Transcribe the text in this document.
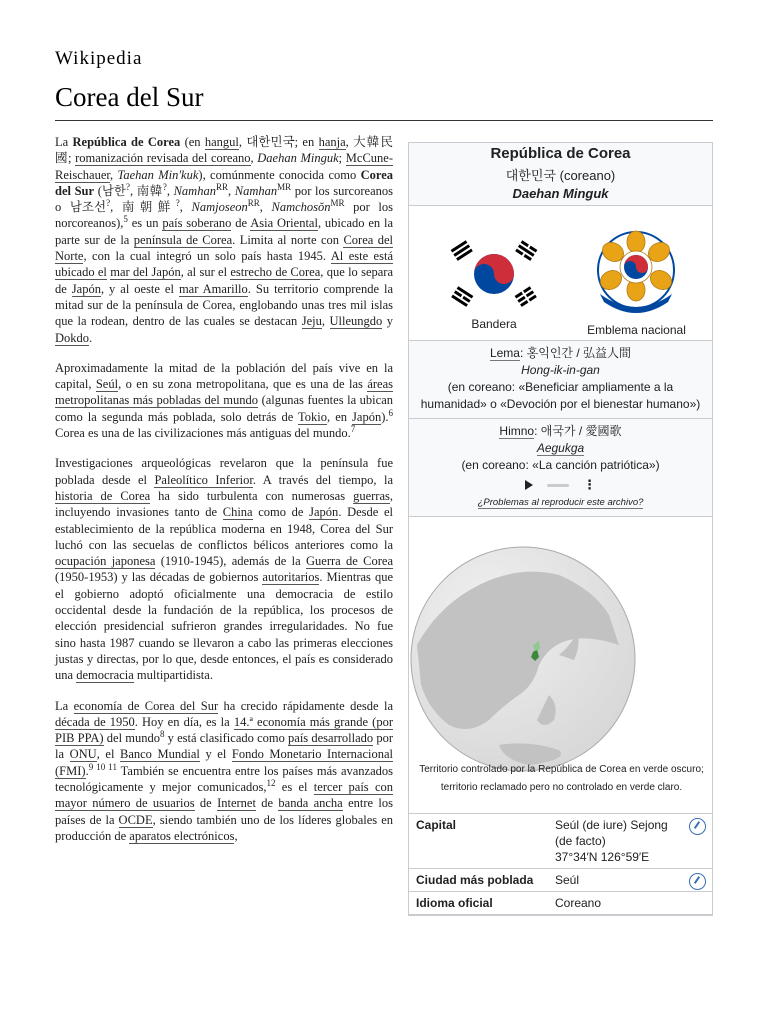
Wikipedia
Corea del Sur

La República de Corea (en hangul, 대한민국; en hanja, 大韓民國; romanización revisada del coreano, Daehan Minguk; McCune-Reischauer, Taehan Min'kuk), comúnmente conocida como Corea del Sur (남한?, 南韓?, Namhan$^{RR}$, Namhan$^{MR}$ por los surcoreanos o 남조선?, 南朝鮮?, Namjoseon$^{RR}$, Namchosŏn$^{MR}$ por los norcoreanos),$^5$ es un país soberano de Asia Oriental, ubicado en la parte sur de la península de Corea. Limita al norte con Corea del Norte, con la cual integró un solo país hasta 1945. Al este está ubicado el mar del Japón, al sur el estrecho de Corea, que lo separa de Japón, y al oeste el mar Amarillo. Su territorio comprende la mitad sur de la península de Corea, englobando unas tres mil islas que la rodean, dentro de las cuales se destacan Jeju, Ulleungdo y Dokdo.

Aproximadamente la mitad de la población del país vive en la capital, Seúl, o en su zona metropolitana, que es una de las áreas metropolitanas más pobladas del mundo (algunas fuentes la ubican como la segunda más poblada, solo detrás de Tokio, en Japón).$^6$ Corea es una de las civilizaciones más antiguas del mundo.$^7$

Investigaciones arqueológicas revelaron que la península fue poblada desde el Paleolítico Inferior. A través del tiempo, la historia de Corea ha sido turbulenta con numerosas guerras, incluyendo invasiones tanto de China como de Japón. Desde el establecimiento de la república moderna en 1948, Corea del Sur luchó con las secuelas de conflictos bélicos anteriores como la ocupación japonesa (1910-1945), además de la Guerra de Corea (1950-1953) y las décadas de gobiernos autoritarios. Mientras que el gobierno adoptó oficialmente una democracia de estilo occidental desde la fundación de la república, los procesos de elección presidencial sufrieron grandes irregularidades. No fue sino hasta 1987 cuando se llevaron a cabo las primeras elecciones justas y directas, por lo que, desde entonces, el país es considerado una democracia multipartidista.

La economía de Corea del Sur ha crecido rápidamente desde la década de 1950. Hoy en día, es la 14.ª economía más grande (por PIB PPA) del mundo$^8$ y está clasificado como país desarrollado por la ONU, el Banco Mundial y el Fondo Monetario Internacional (FMI).$^{9 10 11}$ También se encuentra entre los países más avanzados tecnológicamente y mejor comunicados,$^{12}$ es el tercer país con mayor número de usuarios de Internet de banda ancha entre los países de la OCDE, siendo también uno de los líderes globales en producción de aparatos electrónicos,

República de Corea
대한민국 (coreano)
Daehan Minguk
Bandera	Emblema nacional
Lema: 홍익인간 / 弘益人間
Hong-ik-in-gan
(en coreano: «Beneficiar ampliamente a la humanidad» o «Devoción por el bienestar humano»)
Himno: 애국가 / 愛國歌
Aegukga
(en coreano: «La canción patriótica»)
⋮
¿Problemas al reproducir este archivo?
Territorio controlado por la República de Corea en verde oscuro; territorio reclamado pero no controlado en verde claro.
Capital	Seúl (de iure) Sejong (de facto)
37°34′N 126°59′E
Ciudad más poblada	Seúl
Idioma oficial	Coreano
